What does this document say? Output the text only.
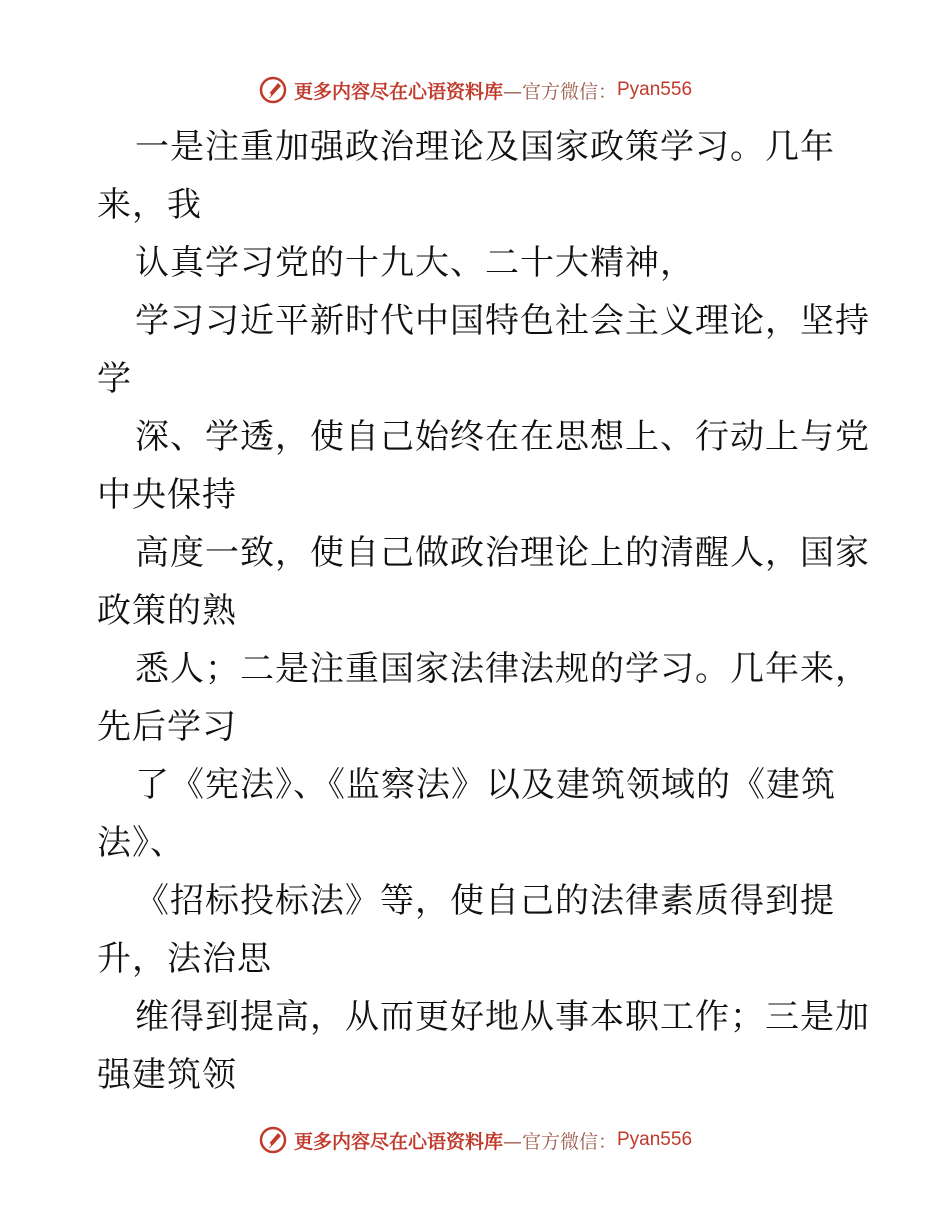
更多内容尽在心语资料库 —官方微信： Pyan556
一是注重加强政治理论及国家政策学习。几年
来，我
认真学习党的十九大、二十大精神，
学习习近平新时代中国特色社会主义理论，坚持
学
深、学透，使自己始终在在思想上、行动上与党
中央保持
高度一致，使自己做政治理论上的清醒人，国家
政策的熟
悉人；二是注重国家法律法规的学习。几年来，
先后学习
了《宪法》、《监察法》以及建筑领域的《建筑
法》、
《招标投标法》等，使自己的法律素质得到提
升，法治思
维得到提高，从而更好地从事本职工作；三是加
强建筑领
更多内容尽在心语资料库 —官方微信： Pyan556
